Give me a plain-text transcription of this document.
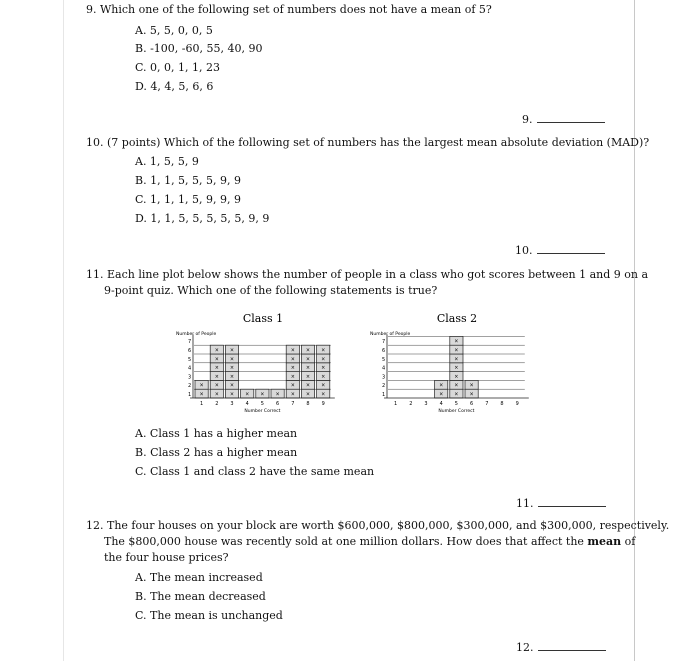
9. Which one of the following set of numbers does not have a mean of 5?
A. 5, 5, 0, 0, 5
B. -100, -60, 55, 40, 90
C. 0, 0, 1, 1, 23
D. 4, 4, 5, 6, 6
9.
10. (7 points) Which of the following set of numbers has the largest mean absolute deviation (MAD)?
A. 1, 5, 5, 9
B. 1, 1, 5, 5, 5, 9, 9
C. 1, 1, 1, 5, 9, 9, 9
D. 1, 1, 5, 5, 5, 5, 5, 9, 9
10.
11. Each line plot below shows the number of people in a class who got scores between 1 and 9 on a
9-point quiz. Which one of the following statements is true?
Class 1
Number of People
1
2
3
4
5
6
7
×
×
1
×
×
×
×
×
×
2
×
×
×
×
×
×
3
×
4
×
5
×
6
×
×
×
×
×
×
7
×
×
×
×
×
×
8
×
×
×
×
×
×
9
Number Correct
Class 2
Number of People
1
2
3
4
5
6
7
1 2 3
×
×
4
×
×
×
×
×
×
×
5
×
×
6 7 8 9
Number Correct
A. Class 1 has a higher mean
B. Class 2 has a higher mean
C. Class 1 and class 2 have the same mean
11.
12. The four houses on your block are worth $600,000, $800,000, $300,000, and $300,000, respectively.
The $800,000 house was recently sold at one million dollars. How does that affect the mean of
the four house prices?
A. The mean increased
B. The mean decreased
C. The mean is unchanged
12.
